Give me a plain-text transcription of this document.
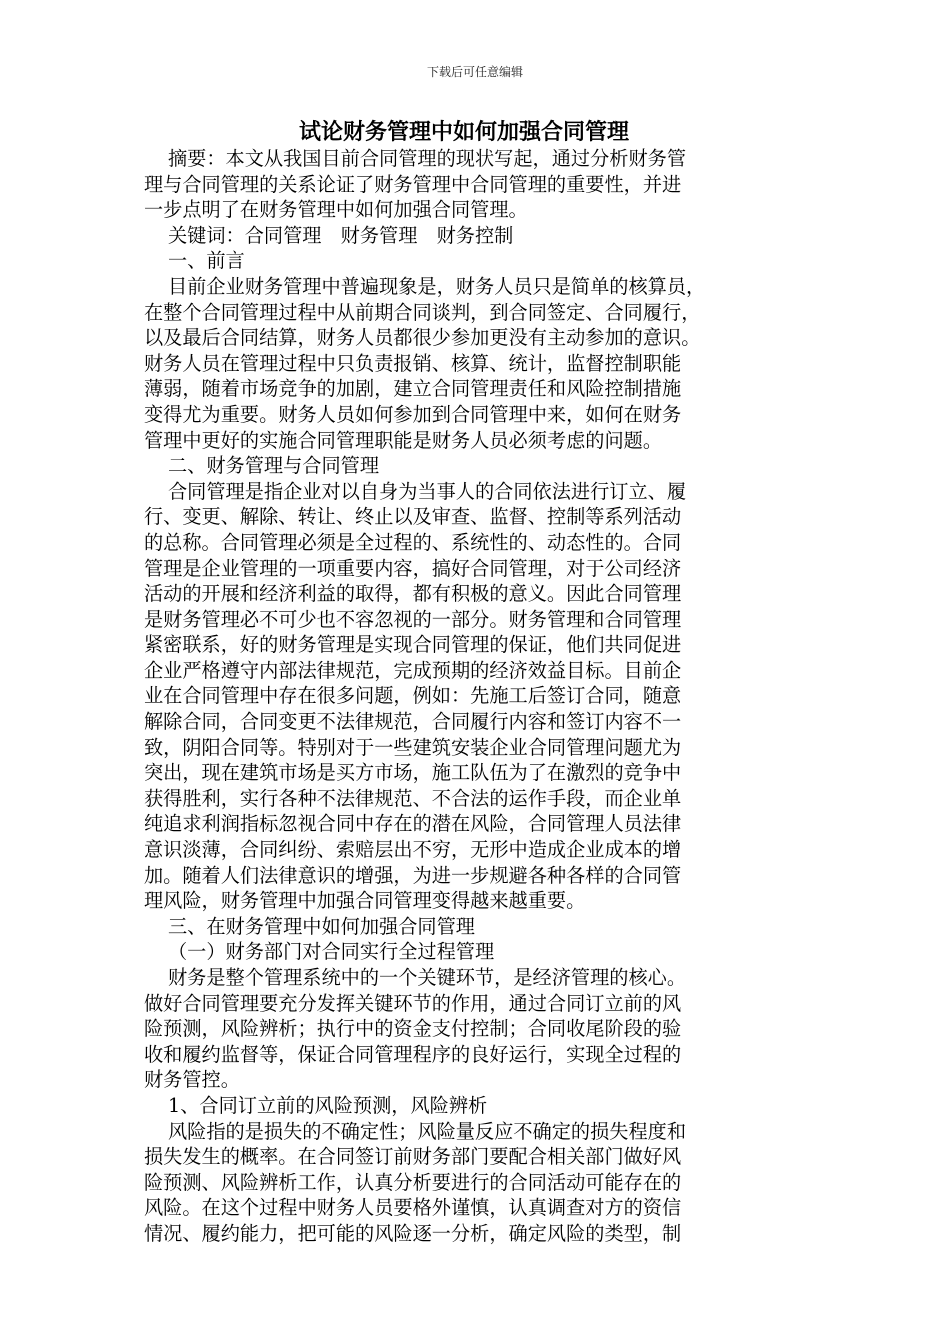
下载后可任意编辑
试论财务管理中如何加强合同管理
摘要：本文从我国目前合同管理的现状写起，通过分析财务管
理与合同管理的关系论证了财务管理中合同管理的重要性，并进
一步点明了在财务管理中如何加强合同管理。
关键词：合同管理　财务管理　财务控制
一、前言
目前企业财务管理中普遍现象是，财务人员只是简单的核算员，
在整个合同管理过程中从前期合同谈判，到合同签定、合同履行，
以及最后合同结算，财务人员都很少参加更没有主动参加的意识。
财务人员在管理过程中只负责报销、核算、统计，监督控制职能
薄弱，随着市场竞争的加剧，建立合同管理责任和风险控制措施
变得尤为重要。财务人员如何参加到合同管理中来，如何在财务
管理中更好的实施合同管理职能是财务人员必须考虑的问题。
二、财务管理与合同管理
合同管理是指企业对以自身为当事人的合同依法进行订立、履
行、变更、解除、转让、终止以及审查、监督、控制等系列活动
的总称。合同管理必须是全过程的、系统性的、动态性的。合同
管理是企业管理的一项重要内容，搞好合同管理，对于公司经济
活动的开展和经济利益的取得，都有积极的意义。因此合同管理
是财务管理必不可少也不容忽视的一部分。财务管理和合同管理
紧密联系，好的财务管理是实现合同管理的保证，他们共同促进
企业严格遵守内部法律规范，完成预期的经济效益目标。目前企
业在合同管理中存在很多问题，例如：先施工后签订合同，随意
解除合同，合同变更不法律规范，合同履行内容和签订内容不一
致，阴阳合同等。特别对于一些建筑安装企业合同管理问题尤为
突出，现在建筑市场是买方市场，施工队伍为了在激烈的竞争中
获得胜利，实行各种不法律规范、不合法的运作手段，而企业单
纯追求利润指标忽视合同中存在的潜在风险，合同管理人员法律
意识淡薄，合同纠纷、索赔层出不穷，无形中造成企业成本的增
加。随着人们法律意识的增强，为进一步规避各种各样的合同管
理风险，财务管理中加强合同管理变得越来越重要。
三、在财务管理中如何加强合同管理
（一）财务部门对合同实行全过程管理
财务是整个管理系统中的一个关键环节，是经济管理的核心。
做好合同管理要充分发挥关键环节的作用，通过合同订立前的风
险预测，风险辨析；执行中的资金支付控制；合同收尾阶段的验
收和履约监督等，保证合同管理程序的良好运行，实现全过程的
财务管控。
1、合同订立前的风险预测，风险辨析
风险指的是损失的不确定性；风险量反应不确定的损失程度和
损失发生的概率。在合同签订前财务部门要配合相关部门做好风
险预测、风险辨析工作，认真分析要进行的合同活动可能存在的
风险。在这个过程中财务人员要格外谨慎，认真调查对方的资信
情况、履约能力，把可能的风险逐一分析，确定风险的类型，制
